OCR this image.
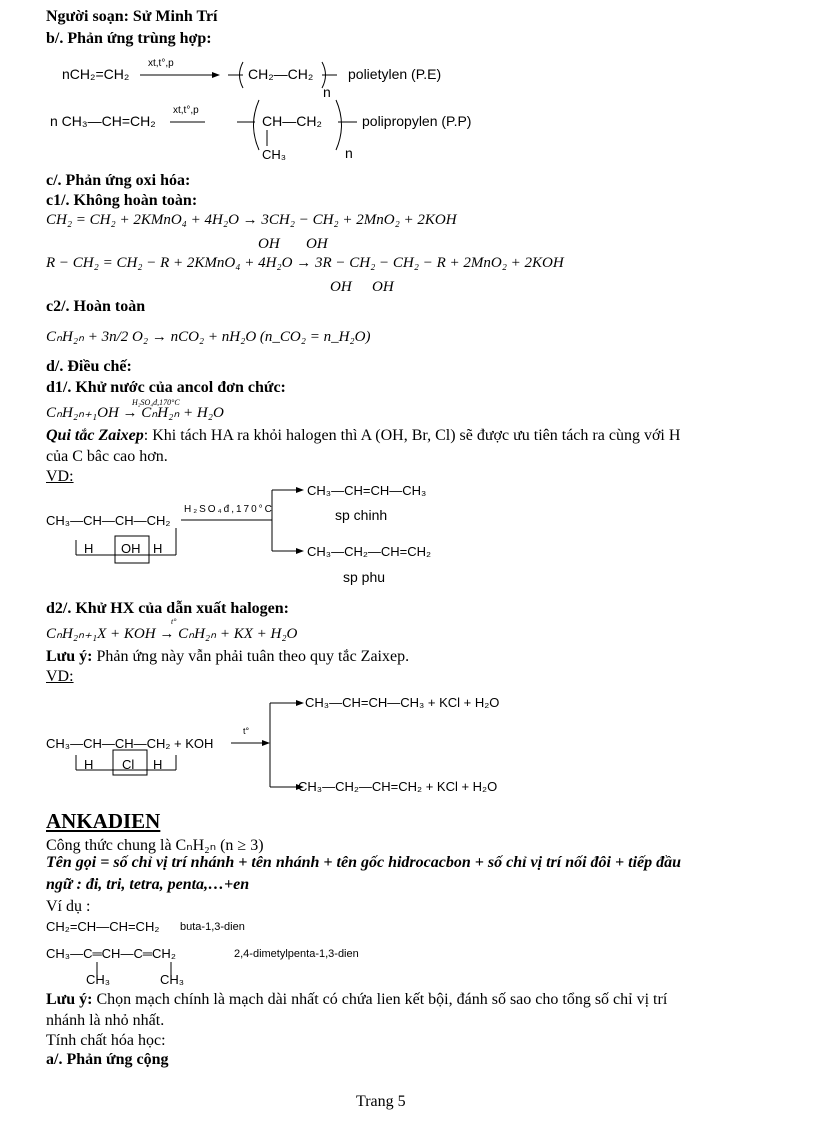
Người soạn: Sử Minh Trí
b/. Phản ứng trùng hợp:
nCH₂=CH₂
xt,t°,p
CH₂—CH₂
n
polietylen (P.E)
n CH₃—CH=CH₂
xt,t°,p
CH—CH₂
CH₃	n
polipropylen (P.P)
c/. Phản ứng oxi hóa:
c1/. Không hoàn toàn:
CH₂ = CH₂ + 2KMnO₄ + 4H₂O → 3CH₂ − CH₂ + 2MnO₂ + 2KOH
OH OH
R − CH₂ = CH₂ − R + 2KMnO₄ + 4H₂O → 3R − CH₂ − CH₂ − R + 2MnO₂ + 2KOH
OH OH
c2/. Hoàn toàn
CₙH₂ₙ + 3n/2 O₂ → nCO₂ + nH₂O (n_CO₂ = n_H₂O)
d/. Điều chế:
d1/. Khử nước của ancol đơn chức:
H₂SO₄đ,170°C
CₙH₂ₙ₊₁OH → CₙH₂ₙ + H₂O
Qui tắc Zaixep: Khi tách HA ra khỏi halogen thì A (OH, Br, Cl) sẽ được ưu tiên tách ra cùng với H
của C bâc cao hơn.
VD:
CH₃—CH—CH—CH₂
H OH H
H₂SO₄đ,170°C
CH₃—CH=CH—CH₃
sp chinh
CH₃—CH₂—CH=CH₂
sp phu
d2/. Khử HX của dẫn xuất halogen:
t°
CₙH₂ₙ₊₁X + KOH → CₙH₂ₙ + KX + H₂O
Lưu ý: Phản ứng này vẫn phải tuân theo quy tắc Zaixep.
VD:
CH₃—CH—CH—CH₂ + KOH
H Cl H
t°
CH₃—CH=CH—CH₃ + KCl + H₂O
CH₃—CH₂—CH=CH₂ + KCl + H₂O
ANKADIEN
Công thức chung là CₙH₂ₙ (n ≥ 3)
Tên gọi = số chỉ vị trí nhánh + tên nhánh + tên gốc hidrocacbon + số chỉ vị trí nối đôi + tiếp đầu
ngữ : đi, tri, tetra, penta,…+en
Ví dụ :
CH₂=CH—CH=CH₂ buta-1,3-dien
CH₃—C═CH—C═CH₂
CH₃	CH₃
2,4-dimetylpenta-1,3-dien
Lưu ý: Chọn mạch chính là mạch dài nhất có chứa lien kết bội, đánh số sao cho tổng số chỉ vị trí
nhánh là nhỏ nhất.
Tính chất hóa học:
a/. Phản ứng cộng
Trang 5
